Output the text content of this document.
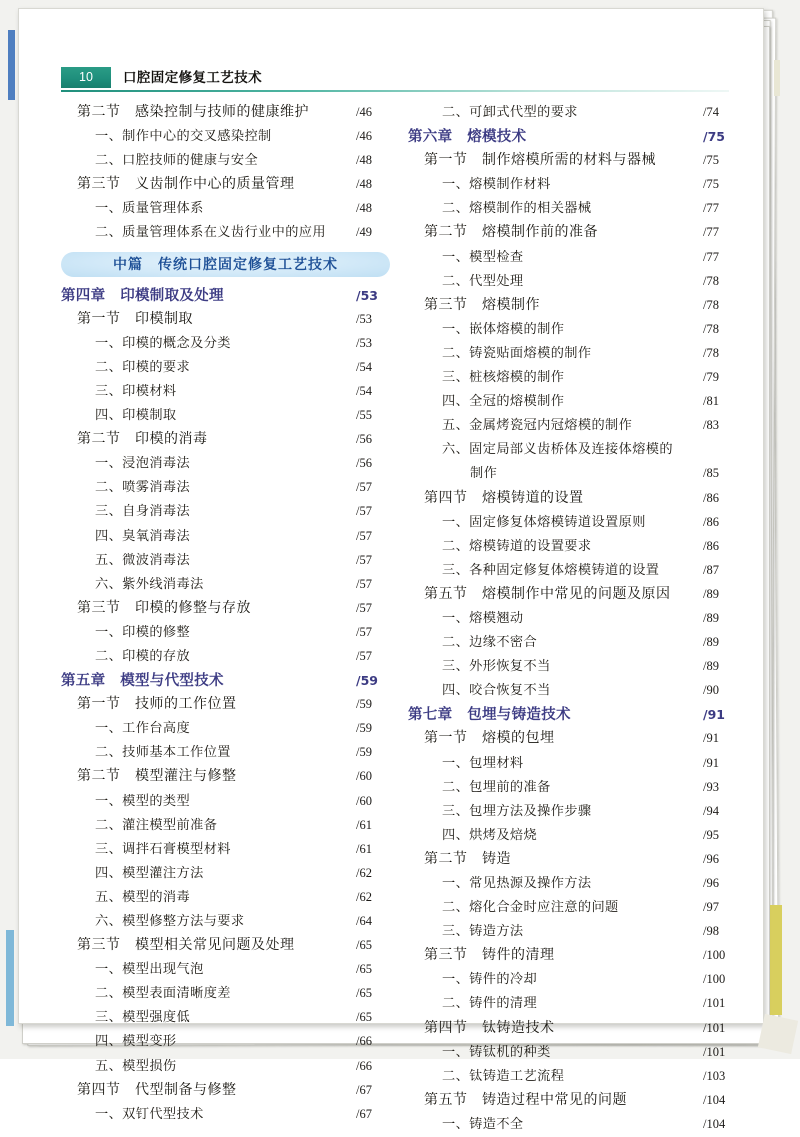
10	口腔固定修复工艺技术
第二节　感染控制与技师的健康维护	/46
一、制作中心的交叉感染控制	/46
二、口腔技师的健康与安全	/48
第三节　义齿制作中心的质量管理	/48
一、质量管理体系	/48
二、质量管理体系在义齿行业中的应用 /49
中篇　传统口腔固定修复工艺技术
第四章　印模制取及处理	/53
第一节　印模制取	/53
一、印模的概念及分类	/53
二、印模的要求	/54
三、印模材料	/54
四、印模制取	/55
第二节　印模的消毒	/56
一、浸泡消毒法	/56
二、喷雾消毒法	/57
三、自身消毒法	/57
四、臭氧消毒法	/57
五、微波消毒法	/57
六、紫外线消毒法	/57
第三节　印模的修整与存放	/57
一、印模的修整	/57
二、印模的存放	/57
第五章　模型与代型技术	/59
第一节　技师的工作位置	/59
一、工作台高度	/59
二、技师基本工作位置	/59
第二节　模型灌注与修整	/60
一、模型的类型	/60
二、灌注模型前准备	/61
三、调拌石膏模型材料	/61
四、模型灌注方法	/62
五、模型的消毒	/62
六、模型修整方法与要求	/64
第三节　模型相关常见问题及处理	/65
一、模型出现气泡	/65
二、模型表面清晰度差	/65
三、模型强度低	/65
四、模型变形	/66
五、模型损伤	/66
第四节　代型制备与修整	/67
一、双钉代型技术	/67
二、可卸式代型的要求	/74
第六章　熔模技术	/75
第一节　制作熔模所需的材料与器械	/75
一、熔模制作材料	/75
二、熔模制作的相关器械	/77
第二节　熔模制作前的准备	/77
一、模型检查	/77
二、代型处理	/78
第三节　熔模制作	/78
一、嵌体熔模的制作	/78
二、铸瓷贴面熔模的制作	/78
三、桩核熔模的制作	/79
四、全冠的熔模制作	/81
五、金属烤瓷冠内冠熔模的制作	/83
六、固定局部义齿桥体及连接体熔模的
制作	/85
第四节　熔模铸道的设置	/86
一、固定修复体熔模铸道设置原则	/86
二、熔模铸道的设置要求	/86
三、各种固定修复体熔模铸道的设置	/87
第五节　熔模制作中常见的问题及原因	/89
一、熔模翘动	/89
二、边缘不密合	/89
三、外形恢复不当	/89
四、咬合恢复不当	/90
第七章　包埋与铸造技术	/91
第一节　熔模的包埋	/91
一、包埋材料	/91
二、包埋前的准备	/93
三、包埋方法及操作步骤	/94
四、烘烤及焙烧	/95
第二节　铸造	/96
一、常见热源及操作方法	/96
二、熔化合金时应注意的问题	/97
三、铸造方法	/98
第三节　铸件的清理	/100
一、铸件的冷却	/100
二、铸件的清理	/101
第四节　钛铸造技术	/101
一、铸钛机的种类	/101
二、钛铸造工艺流程	/103
第五节　铸造过程中常见的问题	/104
一、铸造不全	/104
